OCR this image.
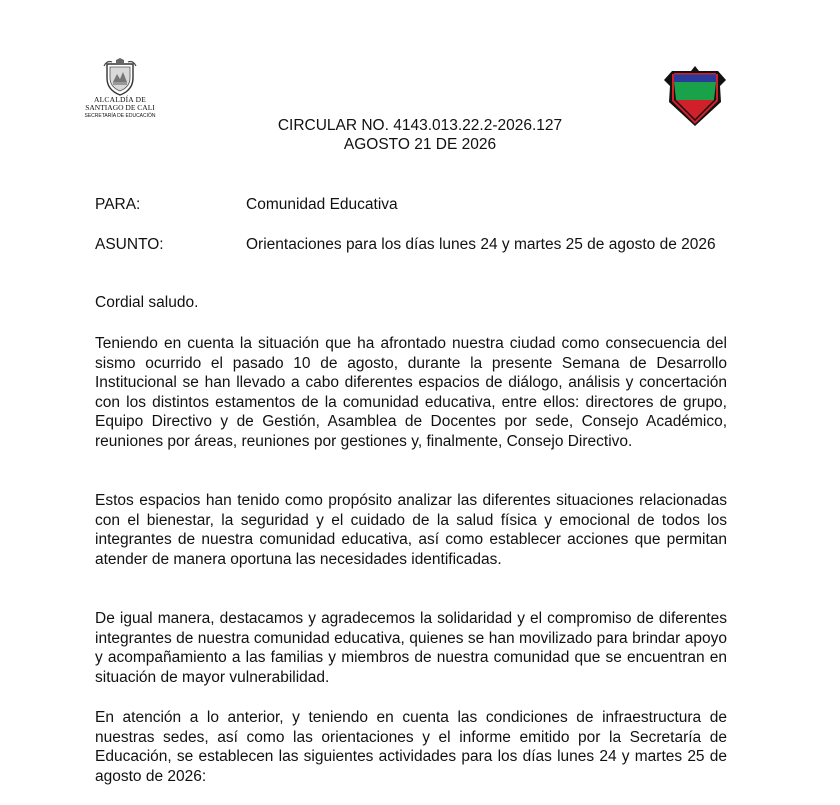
ALCALDÍA DE
SANTIAGO DE CALI
SECRETARÍA DE EDUCACIÓN
CIRCULAR NO. 4143.013.22.2-2026.127
AGOSTO 21 DE 2026
PARA:	Comunidad Educativa
ASUNTO:	Orientaciones para los días lunes 24 y martes 25 de agosto de 2026
Cordial saludo.
Teniendo en cuenta la situación que ha afrontado nuestra ciudad como consecuencia del sismo ocurrido el pasado 10 de agosto, durante la presente Semana de Desarrollo Institucional se han llevado a cabo diferentes espacios de diálogo, análisis y concertación con los distintos estamentos de la comunidad educativa, entre ellos: directores de grupo, Equipo Directivo y de Gestión, Asamblea de Docentes por sede, Consejo Académico, reuniones por áreas, reuniones por gestiones y, finalmente, Consejo Directivo.
Estos espacios han tenido como propósito analizar las diferentes situaciones relacionadas con el bienestar, la seguridad y el cuidado de la salud física y emocional de todos los integrantes de nuestra comunidad educativa, así como establecer acciones que permitan atender de manera oportuna las necesidades identificadas.
De igual manera, destacamos y agradecemos la solidaridad y el compromiso de diferentes integrantes de nuestra comunidad educativa, quienes se han movilizado para brindar apoyo y acompañamiento a las familias y miembros de nuestra comunidad que se encuentran en situación de mayor vulnerabilidad.
En atención a lo anterior, y teniendo en cuenta las condiciones de infraestructura de nuestras sedes, así como las orientaciones y el informe emitido por la Secretaría de Educación, se establecen las siguientes actividades para los días lunes 24 y martes 25 de agosto de 2026:
